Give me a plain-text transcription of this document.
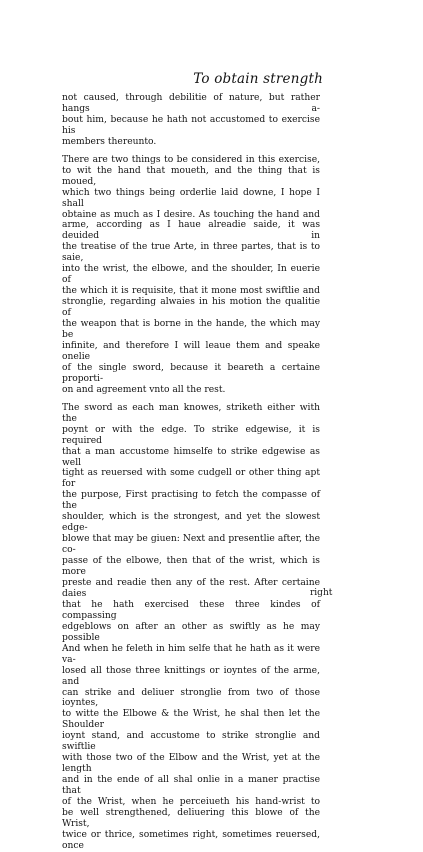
To obtain strength
not caused, through debilitie of nature, but rather hangs a-
bout him, because he hath not accustomed to exercise his
members thereunto.
There are two things to be considered in this exercise,
to wit the hand that moueth, and the thing that is moued,
which two things being orderlie laid downe, I hope I shall
obtaine as much as I desire. As touching the hand and
arme, according as I haue alreadie saide, it was deuided in
the treatise of the true Arte, in three partes, that is to saie,
into the wrist, the elbowe, and the shoulder, In euerie of
the which it is requisite, that it mone most swiftlie and
stronglie, regarding alwaies in his motion the qualitie of
the weapon that is borne in the hande, the which may be
infinite, and therefore I will leaue them and speake onelie
of the single sword, because it beareth a certaine proporti-
on and agreement vnto all the rest.
The sword as each man knowes, striketh either with the
poynt or with the edge. To strike edgewise, it is required
that a man accustome himselfe to strike edgewise as well
tight as reuersed with some cudgell or other thing apt for
the purpose, First practising to fetch the compasse of the
shoulder, which is the strongest, and yet the slowest edge-
blowe that may be giuen: Next and presentlie after, the co-
passe of the elbowe, then that of the wrist, which is more
preste and readie then any of the rest. After certaine daies
that he hath exercised these three kindes of compassing
edgeblows on after an other as swiftly as he may possible
And when he feleth in him selfe that he hath as it were va-
losed all those three knittings or ioyntes of the arme, and
can strike and deliuer stronglie from two of those ioyntes,
to witte the Elbowe & the Wrist, he shal then let the Shoulder
ioynt stand, and accustome to strike stronglie and swiftlie
with those two of the Elbow and the Wrist, yet at the length
and in the ende of all shal onlie in a maner practise that
of the Wrist, when he perceiueth his hand-wrist to
be well strengthened, deliuering this blowe of the Wrist,
twice or thrice, sometimes right, sometimes reuersed, once
right
